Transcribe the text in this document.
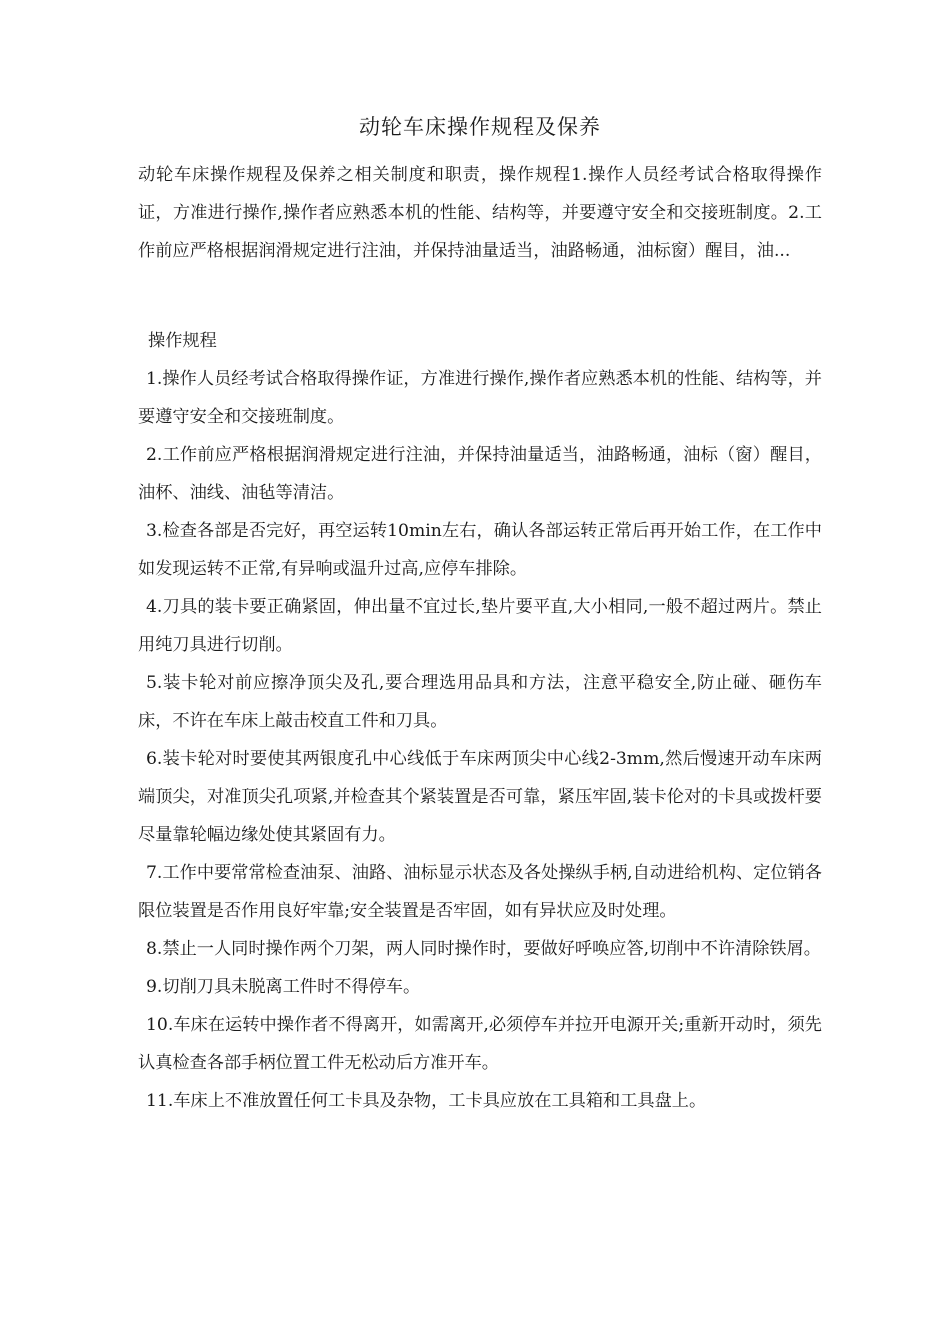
动轮车床操作规程及保养

动轮车床操作规程及保养之相关制度和职责，操作规程1.操作人员经考试合格取得操作证，方准进行操作,操作者应熟悉本机的性能、结构等，并要遵守安全和交接班制度。2.工作前应严格根据润滑规定进行注油，并保持油量适当，油路畅通，油标窗）醒目，油...

操作规程
1.操作人员经考试合格取得操作证，方准进行操作,操作者应熟悉本机的性能、结构等，并要遵守安全和交接班制度。
2.工作前应严格根据润滑规定进行注油，并保持油量适当，油路畅通，油标（窗）醒目，油杯、油线、油毡等清洁。
3.检查各部是否完好，再空运转10min左右，确认各部运转正常后再开始工作，在工作中如发现运转不正常,有异响或温升过高,应停车排除。
4.刀具的装卡要正确紧固，伸出量不宜过长,垫片要平直,大小相同,一般不超过两片。禁止用纯刀具进行切削。
5.装卡轮对前应擦净顶尖及孔,要合理选用品具和方法，注意平稳安全,防止碰、砸伤车床，不许在车床上敲击校直工件和刀具。
6.装卡轮对时要使其两银度孔中心线低于车床两顶尖中心线2-3mm,然后慢速开动车床两端顶尖，对准顶尖孔项紧,并检查其个紧装置是否可靠，紧压牢固,装卡伦对的卡具或拨杆要尽量靠轮幅边缘处使其紧固有力。
7.工作中要常常检查油泵、油路、油标显示状态及各处操纵手柄,自动进给机构、定位销各限位装置是否作用良好牢靠;安全装置是否牢固，如有异状应及时处理。
8.禁止一人同时操作两个刀架，两人同时操作时，要做好呼唤应答,切削中不许清除铁屑。
9.切削刀具未脱离工件时不得停车。
10.车床在运转中操作者不得离开，如需离开,必须停车并拉开电源开关;重新开动时，须先认真检查各部手柄位置工件无松动后方准开车。
11.车床上不准放置任何工卡具及杂物，工卡具应放在工具箱和工具盘上。
